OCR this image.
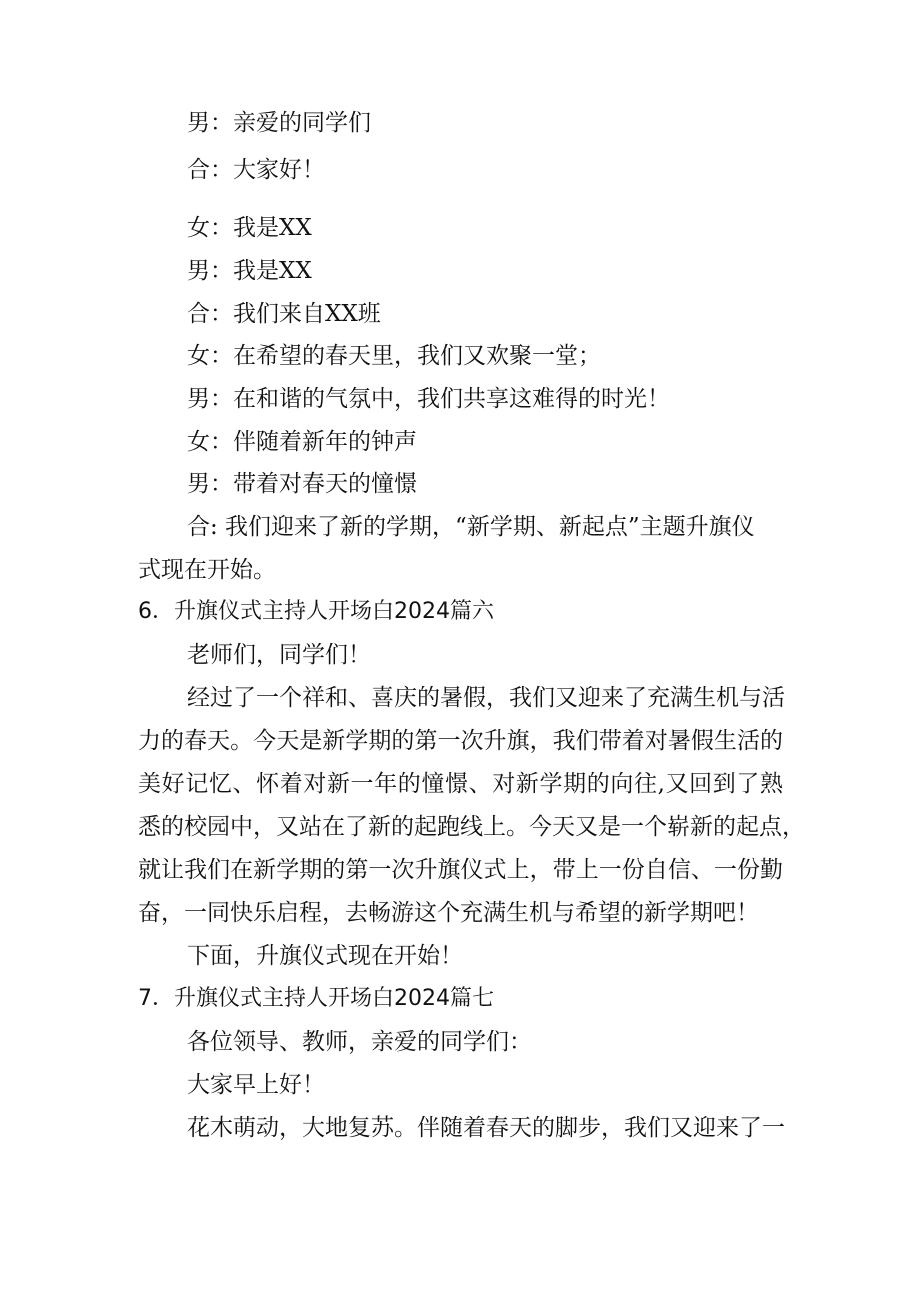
男：亲爱的同学们
合：大家好！
女：我是XX
男：我是XX
合：我们来自XX班
女：在希望的春天里，我们又欢聚一堂；
男：在和谐的气氛中，我们共享这难得的时光！
女：伴随着新年的钟声
男：带着对春天的憧憬
合: 我们迎来了新的学期，“新学期、新起点”主题升旗仪
式现在开始。
6．升旗仪式主持人开场白2024篇六
老师们，同学们！
经过了一个祥和、喜庆的暑假，我们又迎来了充满生机与活
力的春天。今天是新学期的第一次升旗，我们带着对暑假生活的
美好记忆、怀着对新一年的憧憬、对新学期的向往,又回到了熟
悉的校园中，又站在了新的起跑线上。今天又是一个崭新的起点，
就让我们在新学期的第一次升旗仪式上，带上一份自信、一份勤
奋，一同快乐启程，去畅游这个充满生机与希望的新学期吧！
下面，升旗仪式现在开始！
7．升旗仪式主持人开场白2024篇七
各位领导、教师，亲爱的同学们：
大家早上好！
花木萌动，大地复苏。伴随着春天的脚步，我们又迎来了一
